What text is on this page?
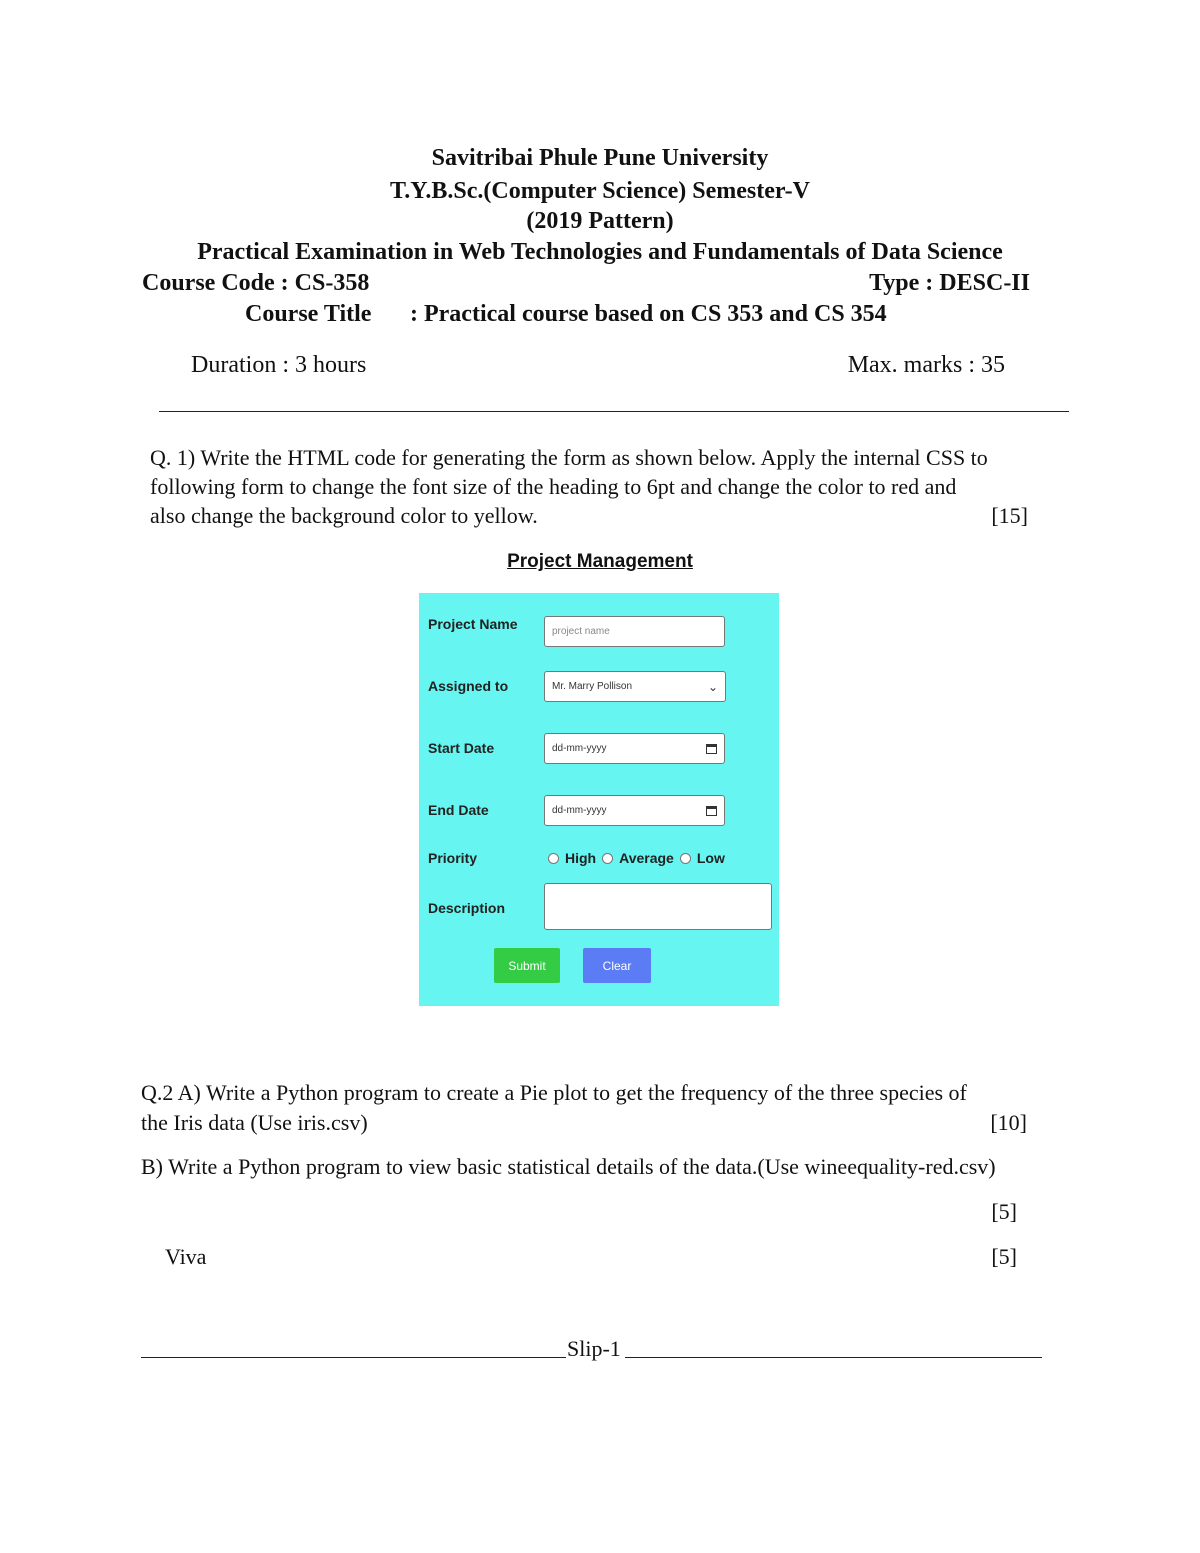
Savitribai Phule Pune University
T.Y.B.Sc.(Computer Science) Semester-V
(2019 Pattern)
Practical Examination in Web Technologies and Fundamentals of Data Science
Course Code : CS-358	Type : DESC-II
Course Title : Practical course based on CS 353 and CS 354
Duration : 3 hours	Max. marks : 35
Q. 1) Write the HTML code for generating the form as shown below. Apply the internal CSS to
following form to change the font size of the heading to 6pt and change the color to red and
also change the background color to yellow.	[15]
Project Management
Project Name	project name
Assigned to	Mr. Marry Pollison	⌄
Start Date	dd-mm-yyyy
End Date	dd-mm-yyyy
Priority	High Average Low
Description
Submit	Clear
Q.2 A) Write a Python program to create a Pie plot to get the frequency of the three species of
the Iris data (Use iris.csv)	[10]
B) Write a Python program to view basic statistical details of the data.(Use wineequality-red.csv)
[5]
Viva	[5]
Slip-1
